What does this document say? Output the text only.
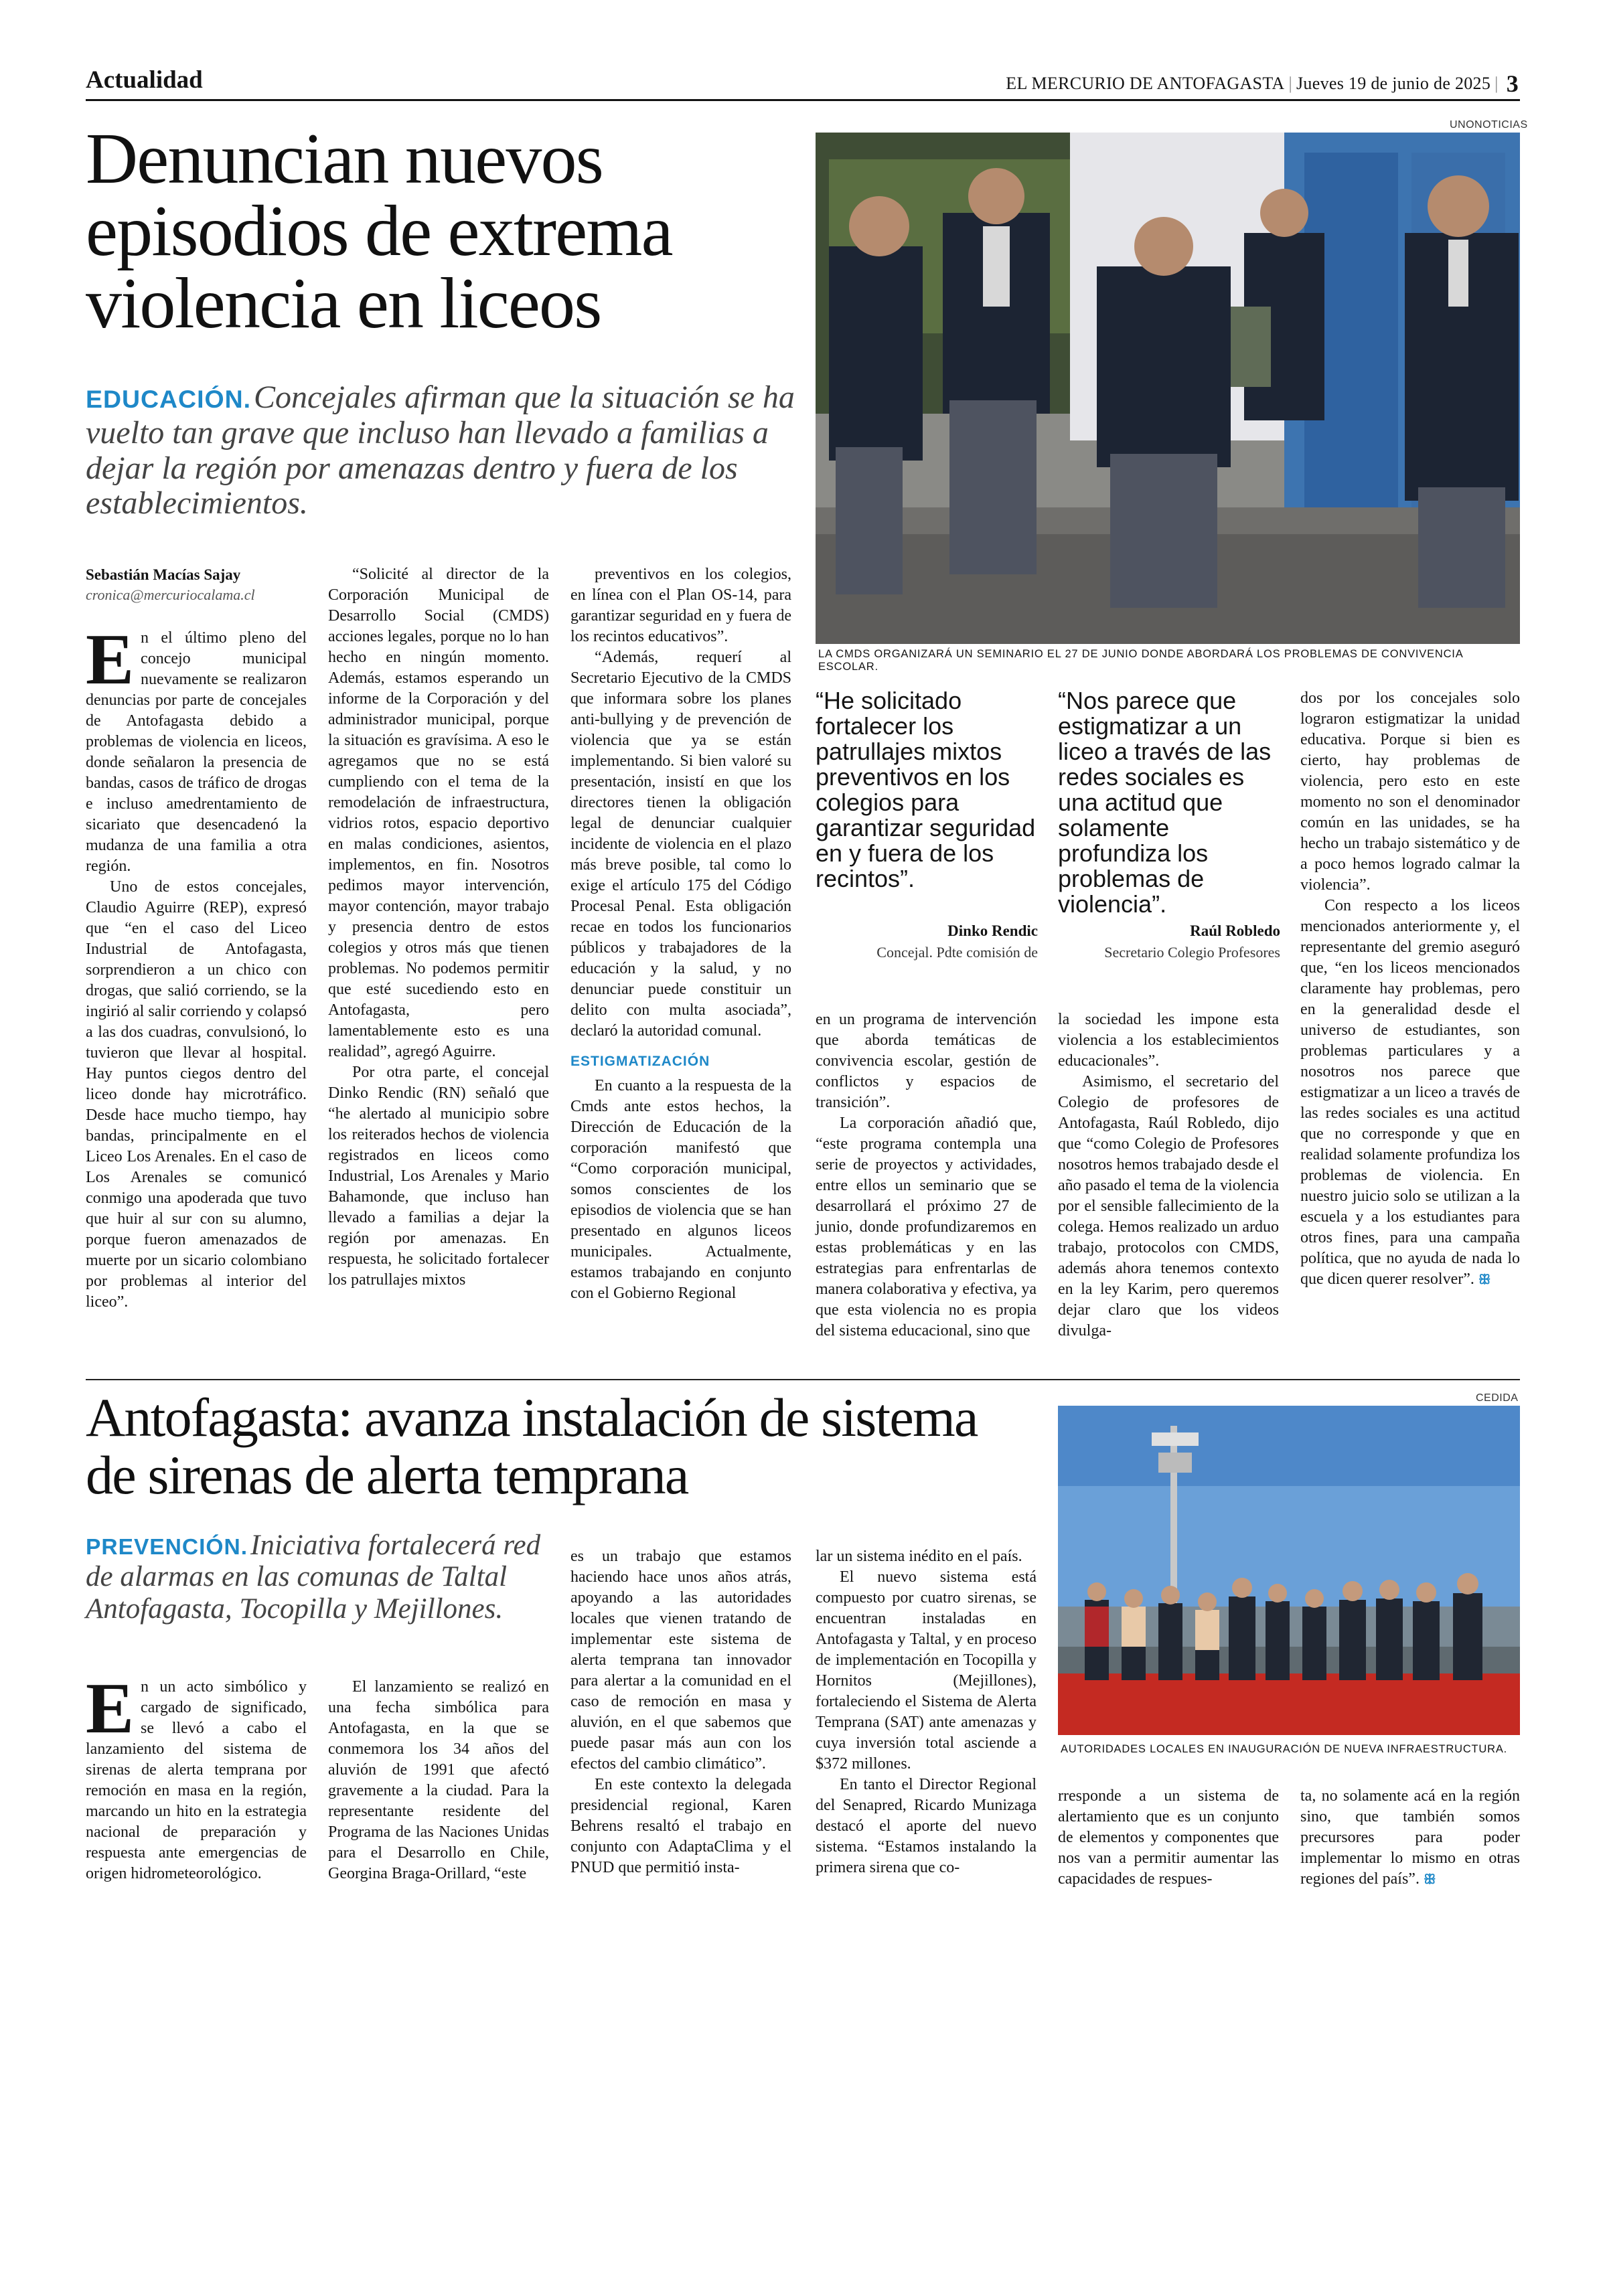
Actualidad	EL MERCURIO DE ANTOFAGASTA | Jueves 19 de junio de 2025 | 3
Denuncian nuevos episodios de extrema violencia en liceos
EDUCACIÓN.Concejales afirman que la situación se ha vuelto tan grave que incluso han llevado a familias a dejar la región por amenazas dentro y fuera de los establecimientos.
UNONOTICIAS
LA CMDS ORGANIZARÁ UN SEMINARIO EL 27 DE JUNIO DONDE ABORDARÁ LOS PROBLEMAS DE CONVIVENCIA ESCOLAR.
Sebastián Macías Sajay
cronica@mercuriocalama.cl

En el último pleno del concejo municipal nuevamente se realizaron denuncias por parte de concejales de Antofagasta debido a problemas de violencia en liceos, donde señalaron la presencia de bandas, casos de tráfico de drogas e incluso amedrentamiento de sicariato que desencadenó la mudanza de una familia a otra región.

Uno de estos concejales, Claudio Aguirre (REP), expresó que “en el caso del Liceo Industrial de Antofagasta, sorprendieron a un chico con drogas, que salió corriendo, se la ingirió al salir corriendo y colapsó a las dos cuadras, convulsionó, lo tuvieron que llevar al hospital. Hay puntos ciegos dentro del liceo donde hay microtráfico. Desde hace mucho tiempo, hay bandas, principalmente en el Liceo Los Arenales. En el caso de Los Arenales se comunicó conmigo una apoderada que tuvo que huir al sur con su alumno, porque fueron amenazados de muerte por un sicario colombiano por problemas al interior del liceo”.

“Solicité al director de la Corporación Municipal de Desarrollo Social (CMDS) acciones legales, porque no lo han hecho en ningún momento. Además, estamos esperando un informe de la Corporación y del administrador municipal, porque la situación es gravísima. A eso le agregamos que no se está cumpliendo con el tema de la remodelación de infraestructura, vidrios rotos, espacio deportivo en malas condiciones, asientos, implementos, en fin. Nosotros pedimos mayor intervención, mayor contención, mayor trabajo y presencia dentro de estos colegios y otros más que tienen problemas. No podemos permitir que esté sucediendo esto en Antofagasta, pero lamentablemente esto es una realidad”, agregó Aguirre.

Por otra parte, el concejal Dinko Rendic (RN) señaló que “he alertado al municipio sobre los reiterados hechos de violencia registrados en liceos como Industrial, Los Arenales y Mario Bahamonde, que incluso han llevado a familias a dejar la región por amenazas. En respuesta, he solicitado fortalecer los patrullajes mixtos

preventivos en los colegios, en línea con el Plan OS-14, para garantizar seguridad en y fuera de los recintos educativos”.

“Además, requerí al Secretario Ejecutivo de la CMDS que informara sobre los planes anti-bullying y de prevención de violencia que ya se están implementando. Si bien valoré su presentación, insistí en que los directores tienen la obligación legal de denunciar cualquier incidente de violencia en el plazo más breve posible, tal como lo exige el artículo 175 del Código Procesal Penal. Esta obligación recae en todos los funcionarios públicos y trabajadores de la educación y la salud, y no denunciar puede constituir un delito con multa asociada”, declaró la autoridad comunal.

ESTIGMATIZACIÓN

En cuanto a la respuesta de la Cmds ante estos hechos, la Dirección de Educación de la corporación manifestó que “Como corporación municipal, somos conscientes de los episodios de violencia que se han presentado en algunos liceos municipales. Actualmente, estamos trabajando en conjunto con el Gobierno Regional

“He solicitado fortalecer los patrullajes mixtos preventivos en los colegios para garantizar seguridad en y fuera de los recintos”.
Dinko Rendic
Concejal. Pdte comisión de
“Nos parece que estigmatizar a un liceo a través de las redes sociales es una actitud que solamente profundiza los problemas de violencia”.
Raúl Robledo
Secretario Colegio Profesores

en un programa de intervención que aborda temáticas de convivencia escolar, gestión de conflictos y espacios de transición”.

La corporación añadió que, “este programa contempla una serie de proyectos y actividades, entre ellos un seminario que se desarrollará el próximo 27 de junio, donde profundizaremos en estas problemáticas y en las estrategias para enfrentarlas de manera colaborativa y efectiva, ya que esta violencia no es propia del sistema educacional, sino que

la sociedad les impone esta violencia a los establecimientos educacionales”.

Asimismo, el secretario del Colegio de profesores de Antofagasta, Raúl Robledo, dijo que “como Colegio de Profesores nosotros hemos trabajado desde el año pasado el tema de la violencia por el sensible fallecimiento de la colega. Hemos realizado un arduo trabajo, protocolos con CMDS, además ahora tenemos contexto en la ley Karim, pero queremos dejar claro que los videos divulga-

dos por los concejales solo lograron estigmatizar la unidad educativa. Porque si bien es cierto, hay problemas de violencia, pero esto en este momento no son el denominador común en las unidades, se ha hecho un trabajo sistemático y de a poco hemos logrado calmar la violencia”.

Con respecto a los liceos mencionados anteriormente y, el representante del gremio aseguró que, “en los liceos mencionados claramente hay problemas, pero en la generalidad desde el universo de estudiantes, son problemas particulares y a nosotros nos parece que estigmatizar a un liceo a través de las redes sociales es una actitud que no corresponde y que en realidad solamente profundiza los problemas de violencia. En nuestro juicio solo se utilizan a la escuela y a los estudiantes para otros fines, para una campaña política, que no ayuda de nada lo que dicen querer resolver”. ꕥ

Antofagasta: avanza instalación de sistema de sirenas de alerta temprana
PREVENCIÓN.Iniciativa fortalecerá red de alarmas en las comunas de Taltal Antofagasta, Tocopilla y Mejillones.
CEDIDA
AUTORIDADES LOCALES EN INAUGURACIÓN DE NUEVA INFRAESTRUCTURA.

En un acto simbólico y cargado de significado, se llevó a cabo el lanzamiento del sistema de sirenas de alerta temprana por remoción en masa en la región, marcando un hito en la estrategia nacional de preparación y respuesta ante emergencias de origen hidrometeorológico.

El lanzamiento se realizó en una fecha simbólica para Antofagasta, en la que se conmemora los 34 años del aluvión de 1991 que afectó gravemente a la ciudad. Para la representante residente del Programa de las Naciones Unidas para el Desarrollo en Chile, Georgina Braga-Orillard, “este

es un trabajo que estamos haciendo hace unos años atrás, apoyando a las autoridades locales que vienen tratando de implementar este sistema de alerta temprana tan innovador para alertar a la comunidad en el caso de remoción en masa y aluvión, en el que sabemos que puede pasar más aun con los efectos del cambio climático”.

En este contexto la delegada presidencial regional, Karen Behrens resaltó el trabajo en conjunto con AdaptaClima y el PNUD que permitió insta-

lar un sistema inédito en el país.

El nuevo sistema está compuesto por cuatro sirenas, se encuentran instaladas en Antofagasta y Taltal, y en proceso de implementación en Tocopilla y Hornitos (Mejillones), fortaleciendo el Sistema de Alerta Temprana (SAT) ante amenazas y cuya inversión total asciende a $372 millones.

En tanto el Director Regional del Senapred, Ricardo Munizaga destacó el aporte del nuevo sistema. “Estamos instalando la primera sirena que co-

rresponde a un sistema de alertamiento que es un conjunto de elementos y componentes que nos van a permitir aumentar las capacidades de respues-

ta, no solamente acá en la región sino, que también somos precursores para poder implementar lo mismo en otras regiones del país”. ꕥ
